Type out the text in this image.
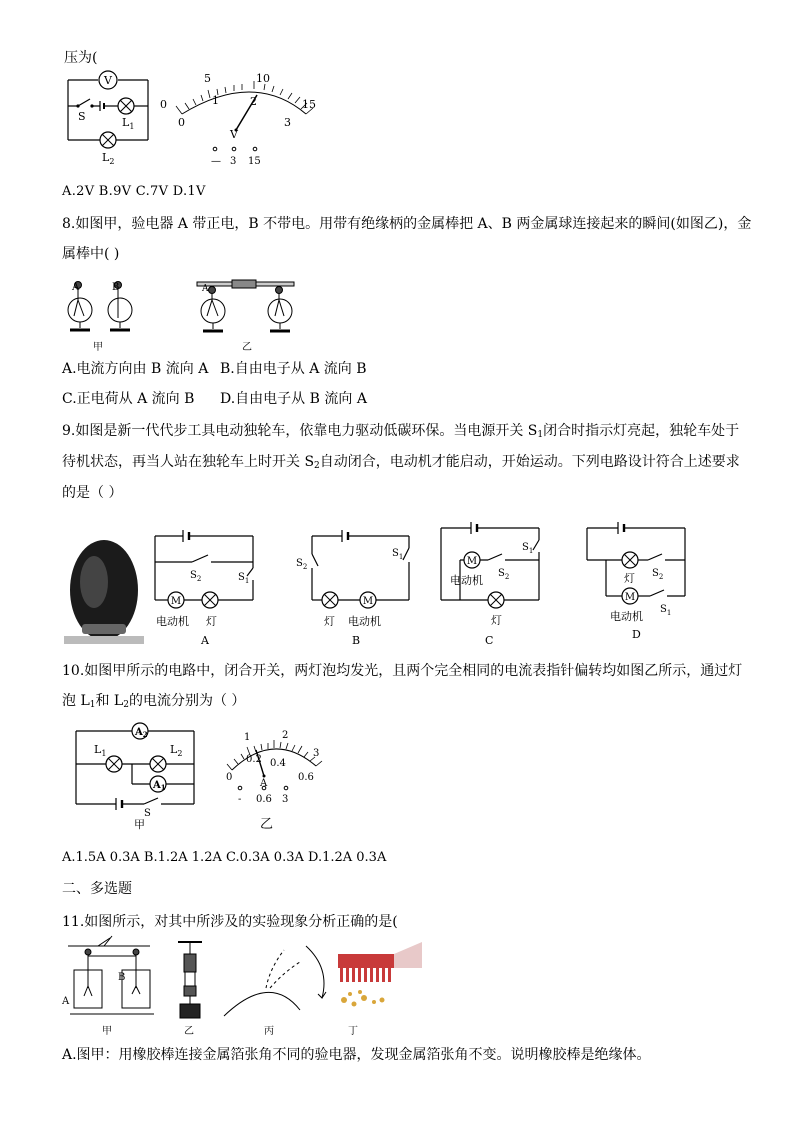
压为(
V
S	$L_1$
$L_2$
0
5	10
15
0
1	2
3
V
— 3 15
A.2V B.9V C.7V D.1V
8.如图甲，验电器 A 带正电，B 不带电。用带有绝缘柄的金属棒把 A、B 两金属球连接起来的瞬间(如图乙)，金
属棒中( )
A	B
甲
A
乙
A.电流方向由 B 流向 A B.自由电子从 A 流向 B
C.正电荷从 A 流向 B D.自由电子从 B 流向 A
9.如图是新一代代步工具电动独轮车，依靠电力驱动低碳环保。当电源开关 $S_1$闭合时指示灯亮起，独轮车处于
待机状态，再当人站在独轮车上时开关 $S_2$自动闭合，电动机才能启动，开始运动。下列电路设计符合上述要求
的是（ ）
M
$S_2$	$S_1$
电动机 灯
A
M
$S_2$
$S_1$
灯 电动机
B
M
$S_1$
$S_2$
电动机
灯
C
M
灯 $S_2$
$S_1$
电动机
D
10.如图甲所示的电路中，闭合开关，两灯泡均发光，且两个完全相同的电流表指针偏转均如图乙所示，通过灯
泡 $L_1$和 $L_2$的电流分别为（ ）
$A_2$
$A_1$
$L_1$	$L_2$
S
甲
1	2
3
0
0.2 0.4
0.6
A
- 0.6 3
乙
A.1.5A 0.3A B.1.2A 1.2A C.0.3A 0.3A D.1.2A 0.3A
二、多选题
11.如图所示，对其中所涉及的实验现象分析正确的是(
A
B
甲	乙	丙	丁
A.图甲：用橡胶棒连接金属箔张角不同的验电器，发现金属箔张角不变。说明橡胶棒是绝缘体。
